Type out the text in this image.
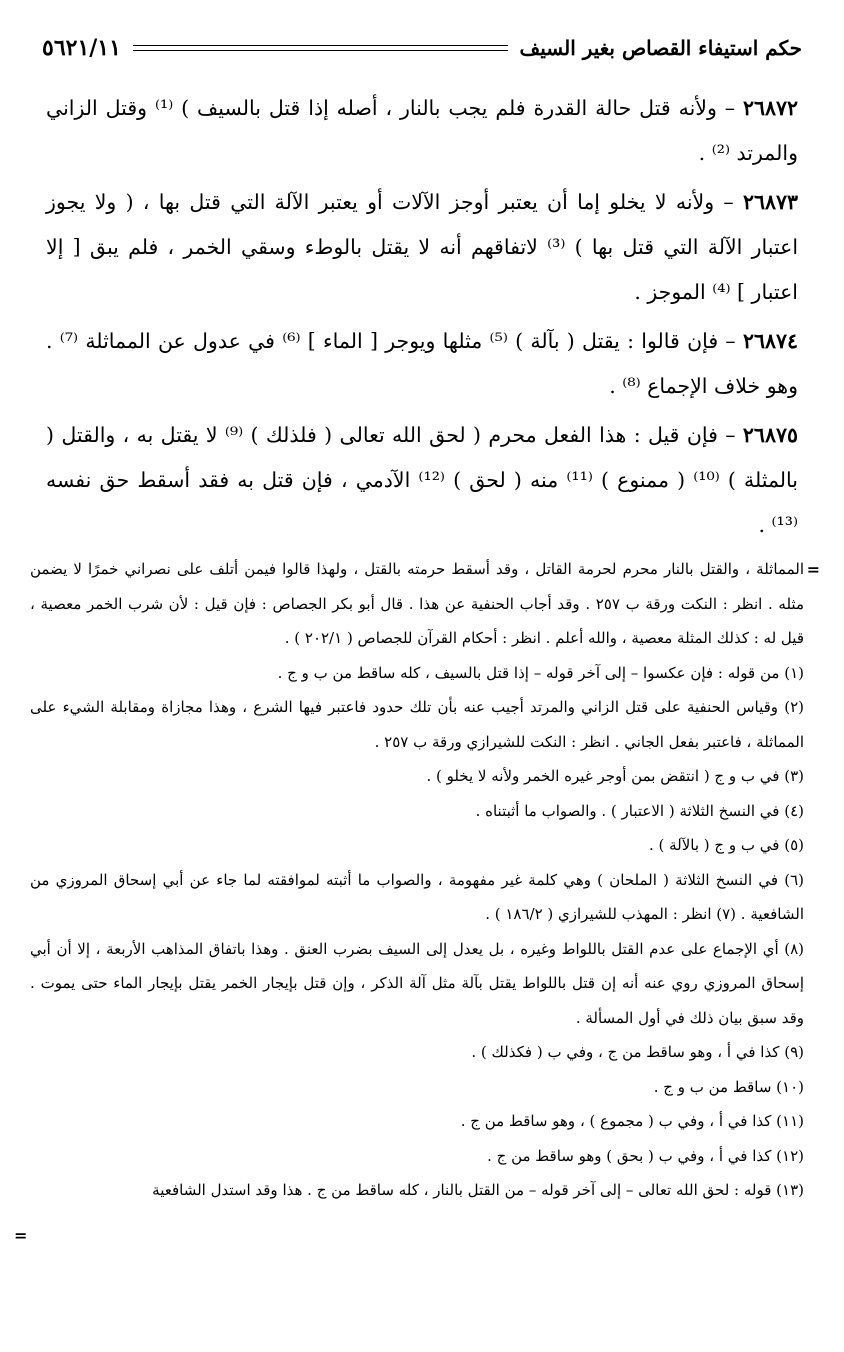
حكم استيفاء القصاص بغير السيف
٥٦٢١/١١

٢٦٨٧٢ – ولأنه قتل حالة القدرة فلم يجب بالنار ، أصله إذا قتل بالسيف ) ⁽¹⁾ وقتل الزاني والمرتد ⁽²⁾ .

٢٦٨٧٣ – ولأنه لا يخلو إما أن يعتبر أوجز الآلات أو يعتبر الآلة التي قتل بها ، ( ولا يجوز اعتبار الآلة التي قتل بها ) ⁽³⁾ لاتفاقهم أنه لا يقتل بالوطء وسقي الخمر ، فلم يبق [ إلا اعتبار ] ⁽⁴⁾ الموجز .

٢٦٨٧٤ – فإن قالوا : يقتل ( بآلة ) ⁽⁵⁾ مثلها ويوجر [ الماء ] ⁽⁶⁾ في عدول عن المماثلة ⁽⁷⁾ . وهو خلاف الإجماع ⁽⁸⁾ .

٢٦٨٧٥ – فإن قيل : هذا الفعل محرم ( لحق الله تعالى ( فلذلك ) ⁽⁹⁾ لا يقتل به ، والقتل ( بالمثلة ) ⁽¹⁰⁾ ( ممنوع ) ⁽¹¹⁾ منه ( لحق ) ⁽¹²⁾ الآدمي ، فإن قتل به فقد أسقط حق نفسه ⁽¹³⁾ .

=

المماثلة ، والقتل بالنار محرم لحرمة القاتل ، وقد أسقط حرمته بالقتل ، ولهذا قالوا فيمن أتلف على نصراني خمرًا لا يضمن مثله . انظر : النكت ورقة ب ٢٥٧ . وقد أجاب الحنفية عن هذا . قال أبو بكر الجصاص : فإن قيل : لأن شرب الخمر معصية ، قيل له : كذلك المثلة معصية ، والله أعلم . انظر : أحكام القرآن للجصاص ( ٢٠٢/١ ) .

(١) من قوله : فإن عكسوا – إلى آخر قوله – إذا قتل بالسيف ، كله ساقط من ب و ج .

(٢) وقياس الحنفية على قتل الزاني والمرتد أجيب عنه بأن تلك حدود فاعتبر فيها الشرع ، وهذا مجازاة ومقابلة الشيء على المماثلة ، فاعتبر بفعل الجاني . انظر : النكت للشيرازي ورقة ب ٢٥٧ .

(٣) في ب و ج ( انتقض بمن أوجر غيره الخمر ولأنه لا يخلو ) .

(٤) في النسخ الثلاثة ( الاعتبار ) . والصواب ما أثبتناه .

(٥) في ب و ج ( بالآلة ) .

(٦) في النسخ الثلاثة ( الملحان ) وهي كلمة غير مفهومة ، والصواب ما أثبته لموافقته لما جاء عن أبي إسحاق المروزي من الشافعية . (٧) انظر : المهذب للشيرازي ( ١٨٦/٢ ) .

(٨) أي الإجماع على عدم القتل باللواط وغيره ، بل يعدل إلى السيف بضرب العنق . وهذا باتفاق المذاهب الأربعة ، إلا أن أبي إسحاق المروزي روي عنه أنه إن قتل باللواط يقتل بآلة مثل آلة الذكر ، وإن قتل بإيجار الخمر يقتل بإيجار الماء حتى يموت . وقد سبق بيان ذلك في أول المسألة .

(٩) كذا في أ ، وهو ساقط من ج ، وفي ب ( فكذلك ) .

(١٠) ساقط من ب و ج .

(١١) كذا في أ ، وفي ب ( مجموع ) ، وهو ساقط من ج .

(١٢) كذا في أ ، وفي ب ( بحق ) وهو ساقط من ج .

(١٣) قوله : لحق الله تعالى – إلى آخر قوله – من القتل بالنار ، كله ساقط من ج . هذا وقد استدل الشافعية

=
